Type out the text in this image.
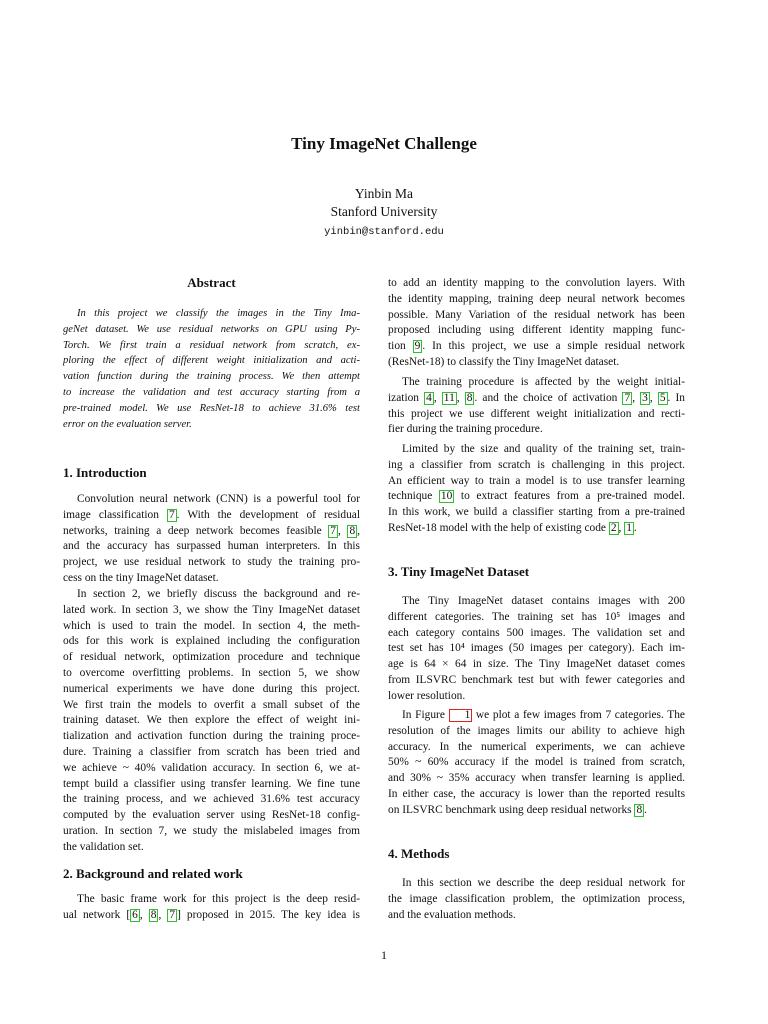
Tiny ImageNet Challenge
Yinbin Ma
Stanford University
yinbin@stanford.edu
Abstract
In this project we classify the images in the Tiny Ima-
geNet dataset. We use residual networks on GPU using Py-
Torch. We first train a residual network from scratch, ex-
ploring the effect of different weight initialization and acti-
vation function during the training process. We then attempt
to increase the validation and test accuracy starting from a
pre-trained model. We use ResNet-18 to achieve 31.6% test
error on the evaluation server.
1. Introduction
Convolution neural network (CNN) is a powerful tool for
image classification 7 . With the development of residual
networks, training a deep network becomes feasible 7 , 8 ,
and the accuracy has surpassed human interpreters. In this
project, we use residual network to study the training pro-
cess on the tiny ImageNet dataset.
In section 2, we briefly discuss the background and re-
lated work. In section 3, we show the Tiny ImageNet dataset
which is used to train the model. In section 4, the meth-
ods for this work is explained including the configuration
of residual network, optimization procedure and technique
to overcome overfitting problems. In section 5, we show
numerical experiments we have done during this project.
We first train the models to overfit a small subset of the
training dataset. We then explore the effect of weight ini-
tialization and activation function during the training proce-
dure. Training a classifier from scratch has been tried and
we achieve ~ 40% validation accuracy. In section 6, we at-
tempt build a classifier using transfer learning. We fine tune
the training process, and we achieved 31.6% test accuracy
computed by the evaluation server using ResNet-18 config-
uration. In section 7, we study the mislabeled images from
the validation set.
2. Background and related work
The basic frame work for this project is the deep resid-
ual network [ 6 , 8 , 7 ] proposed in 2015. The key idea is
to add an identity mapping to the convolution layers. With
the identity mapping, training deep neural network becomes
possible. Many Variation of the residual network has been
proposed including using different identity mapping func-
tion 9 . In this project, we use a simple residual network
(ResNet-18) to classify the Tiny ImageNet dataset.
The training procedure is affected by the weight initial-
ization 4 , 11 , 8 . and the choice of activation 7 , 3 , 5 . In
this project we use different weight initialization and recti-
fier during the training procedure.
Limited by the size and quality of the training set, train-
ing a classifier from scratch is challenging in this project.
An efficient way to train a model is to use transfer learning
technique 10 to extract features from a pre-trained model.
In this work, we build a classifier starting from a pre-trained
ResNet-18 model with the help of existing code 2 , 1 .
3. Tiny ImageNet Dataset
The Tiny ImageNet dataset contains images with 200
different categories. The training set has 10⁵ images and
each category contains 500 images. The validation set and
test set has 10⁴ images (50 images per category). Each im-
age is 64 × 64 in size. The Tiny ImageNet dataset comes
from ILSVRC benchmark test but with fewer categories and
lower resolution.
In Figure 1 we plot a few images from 7 categories. The
resolution of the images limits our ability to achieve high
accuracy. In the numerical experiments, we can achieve
50% ~ 60% accuracy if the model is trained from scratch,
and 30% ~ 35% accuracy when transfer learning is applied.
In either case, the accuracy is lower than the reported results
on ILSVRC benchmark using deep residual networks 8 .
4. Methods
In this section we describe the deep residual network for
the image classification problem, the optimization process,
and the evaluation methods.
1
